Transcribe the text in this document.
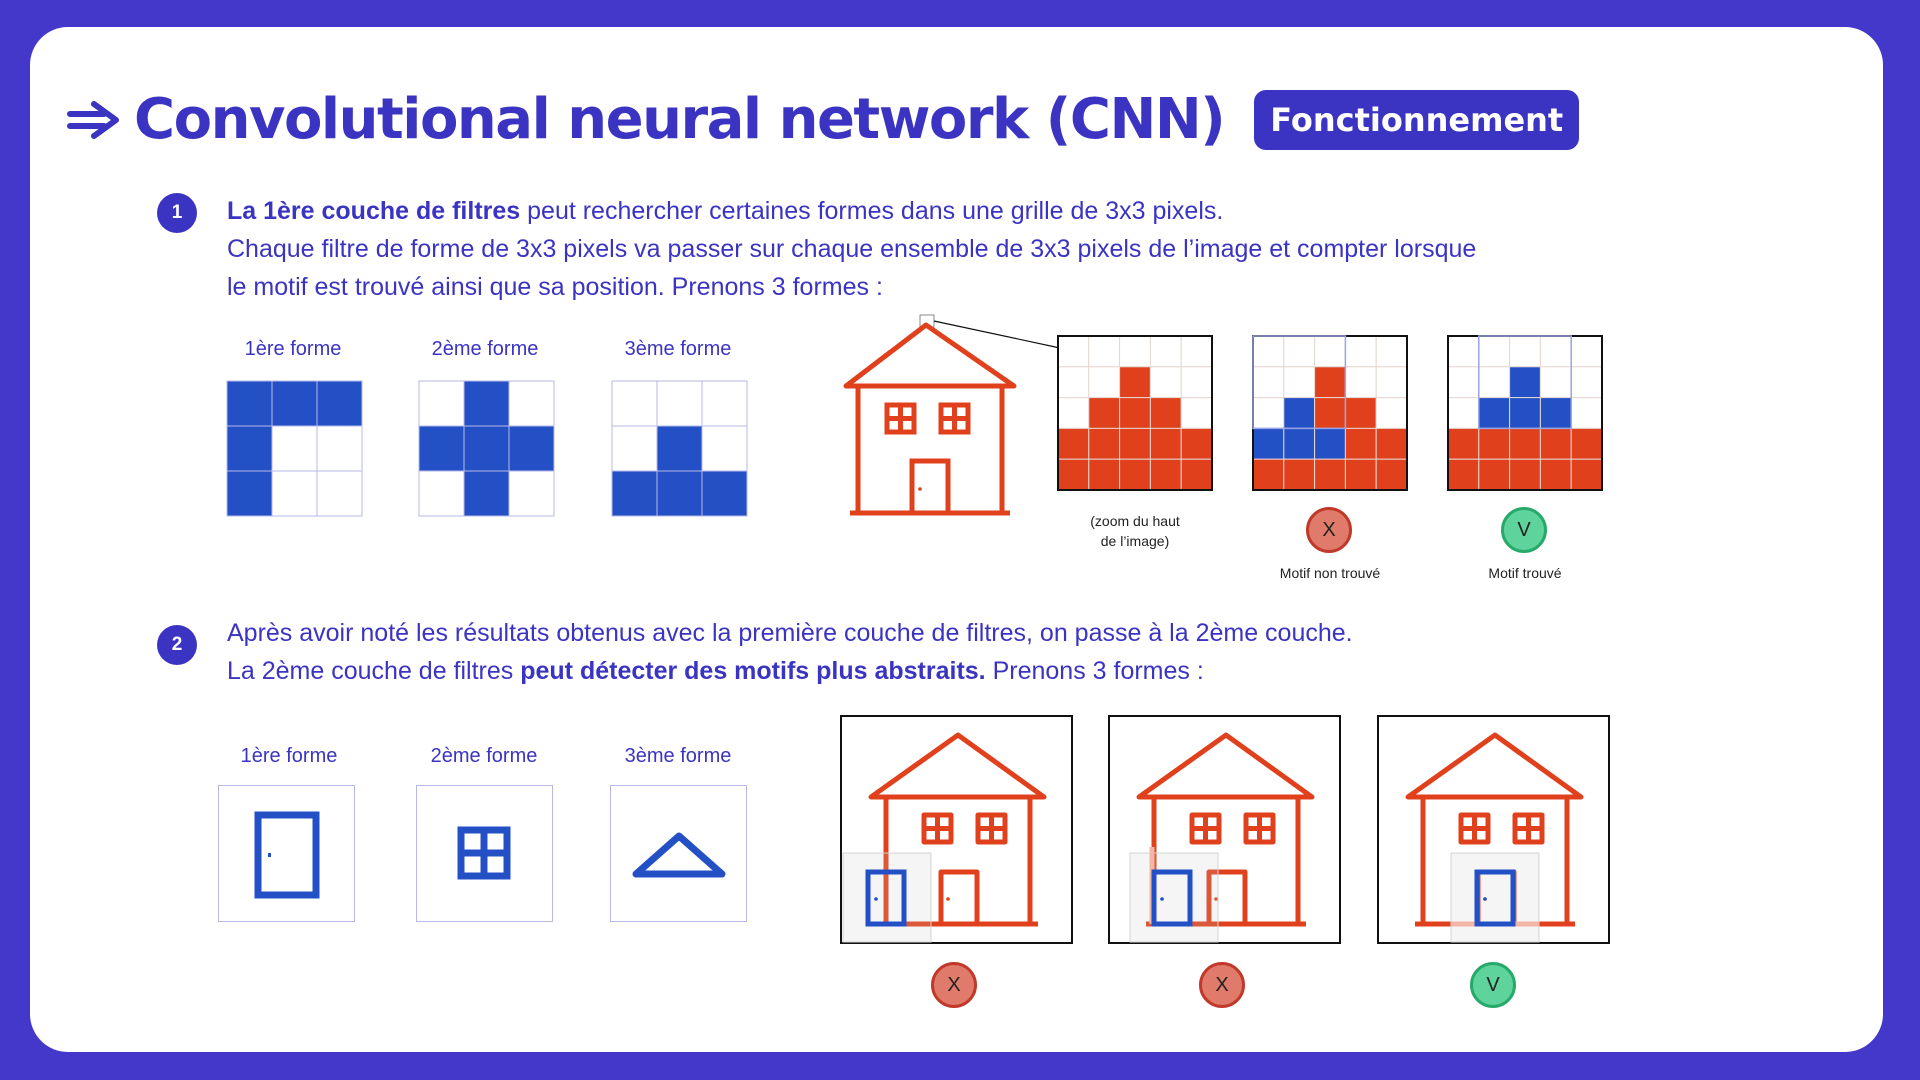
Convolutional neural network (CNN)	Fonctionnement
1	La 1ère couche de filtres peut rechercher certaines formes dans une grille de 3x3 pixels.
Chaque filtre de forme de 3x3 pixels va passer sur chaque ensemble de 3x3 pixels de l’image et compter lorsque
le motif est trouvé ainsi que sa position. Prenons 3 formes :
1ère forme	2ème forme	3ème forme
(zoom du haut
de l’image)
X
Motif non trouvé
V
Motif trouvé
2	Après avoir noté les résultats obtenus avec la première couche de filtres, on passe à la 2ème couche.
La 2ème couche de filtres peut détecter des motifs plus abstraits. Prenons 3 formes :
1ère forme	2ème forme	3ème forme
X	X	V
